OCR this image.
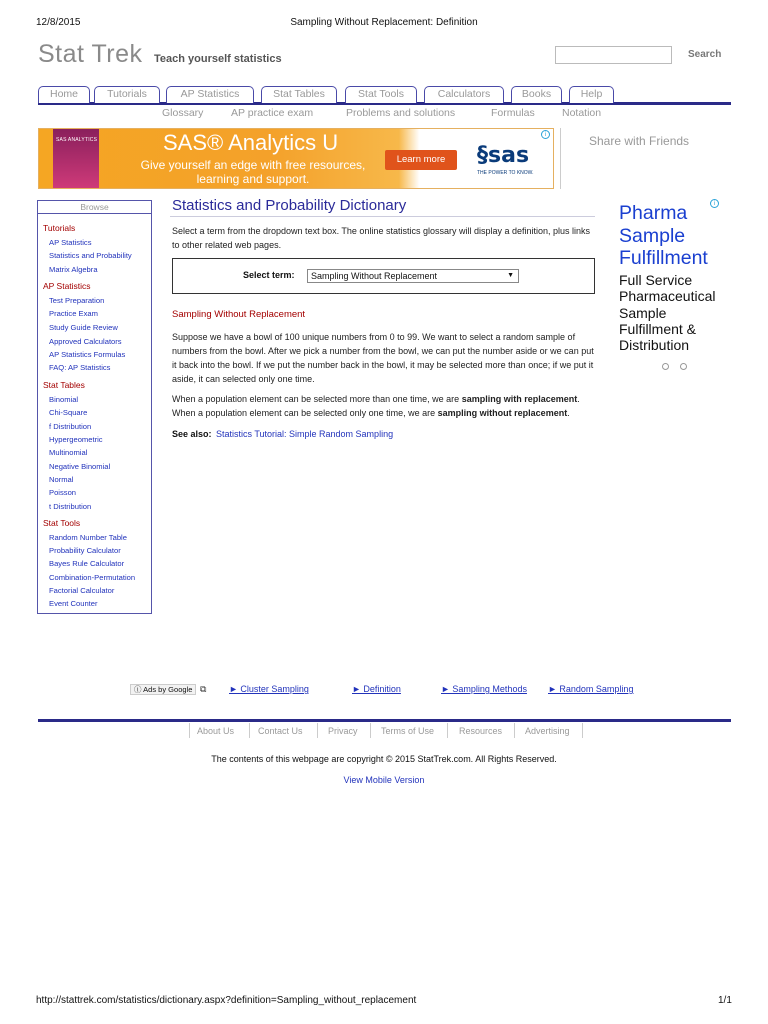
12/8/2015	Sampling Without Replacement: Definition
Stat Trek Teach yourself statistics	Search
Home	Tutorials	AP Statistics	Stat Tables	Stat Tools	Calculators	Books	Help
Glossary	AP practice exam	Problems and solutions	Formulas	Notation
SAS ANALYTICS	SAS® Analytics U
Give yourself an edge with free resources, learning and support.
Learn more	§sas
THE POWER TO KNOW.
i	Share with Friends
Browse
Tutorials
AP Statistics
Statistics and Probability
Matrix Algebra
AP Statistics
Test Preparation
Practice Exam
Study Guide Review
Approved Calculators
AP Statistics Formulas
FAQ: AP Statistics
Stat Tables
Binomial
Chi-Square
f Distribution
Hypergeometric
Multinomial
Negative Binomial
Normal
Poisson
t Distribution
Stat Tools
Random Number Table
Probability Calculator
Bayes Rule Calculator
Combination-Permutation
Factorial Calculator
Event Counter
Statistics and Probability Dictionary
Select a term from the dropdown text box. The online statistics glossary will display a definition, plus links to other related web pages.
Select term:	Sampling Without Replacement	▼
Sampling Without Replacement
Suppose we have a bowl of 100 unique numbers from 0 to 99. We want to select a random sample of numbers from the bowl. After we pick a number from the bowl, we can put the number aside or we can put it back into the bowl. If we put the number back in the bowl, it may be selected more than once; if we put it aside, it can selected only one time.
When a population element can be selected more than one time, we are sampling with replacement. When a population element can be selected only one time, we are sampling without replacement.
See also: Statistics Tutorial: Simple Random Sampling
i
Pharma Sample Fulfillment
Full Service Pharmaceutical Sample Fulfillment & Distribution
ⓘ Ads by Google ⧉	► Cluster Sampling	► Definition	► Sampling Methods ► Random Sampling
About Us	Contact Us	Privacy	Terms of Use	Resources	Advertising
The contents of this webpage are copyright © 2015 StatTrek.com. All Rights Reserved.
View Mobile Version
http://stattrek.com/statistics/dictionary.aspx?definition=Sampling_without_replacement	1/1
